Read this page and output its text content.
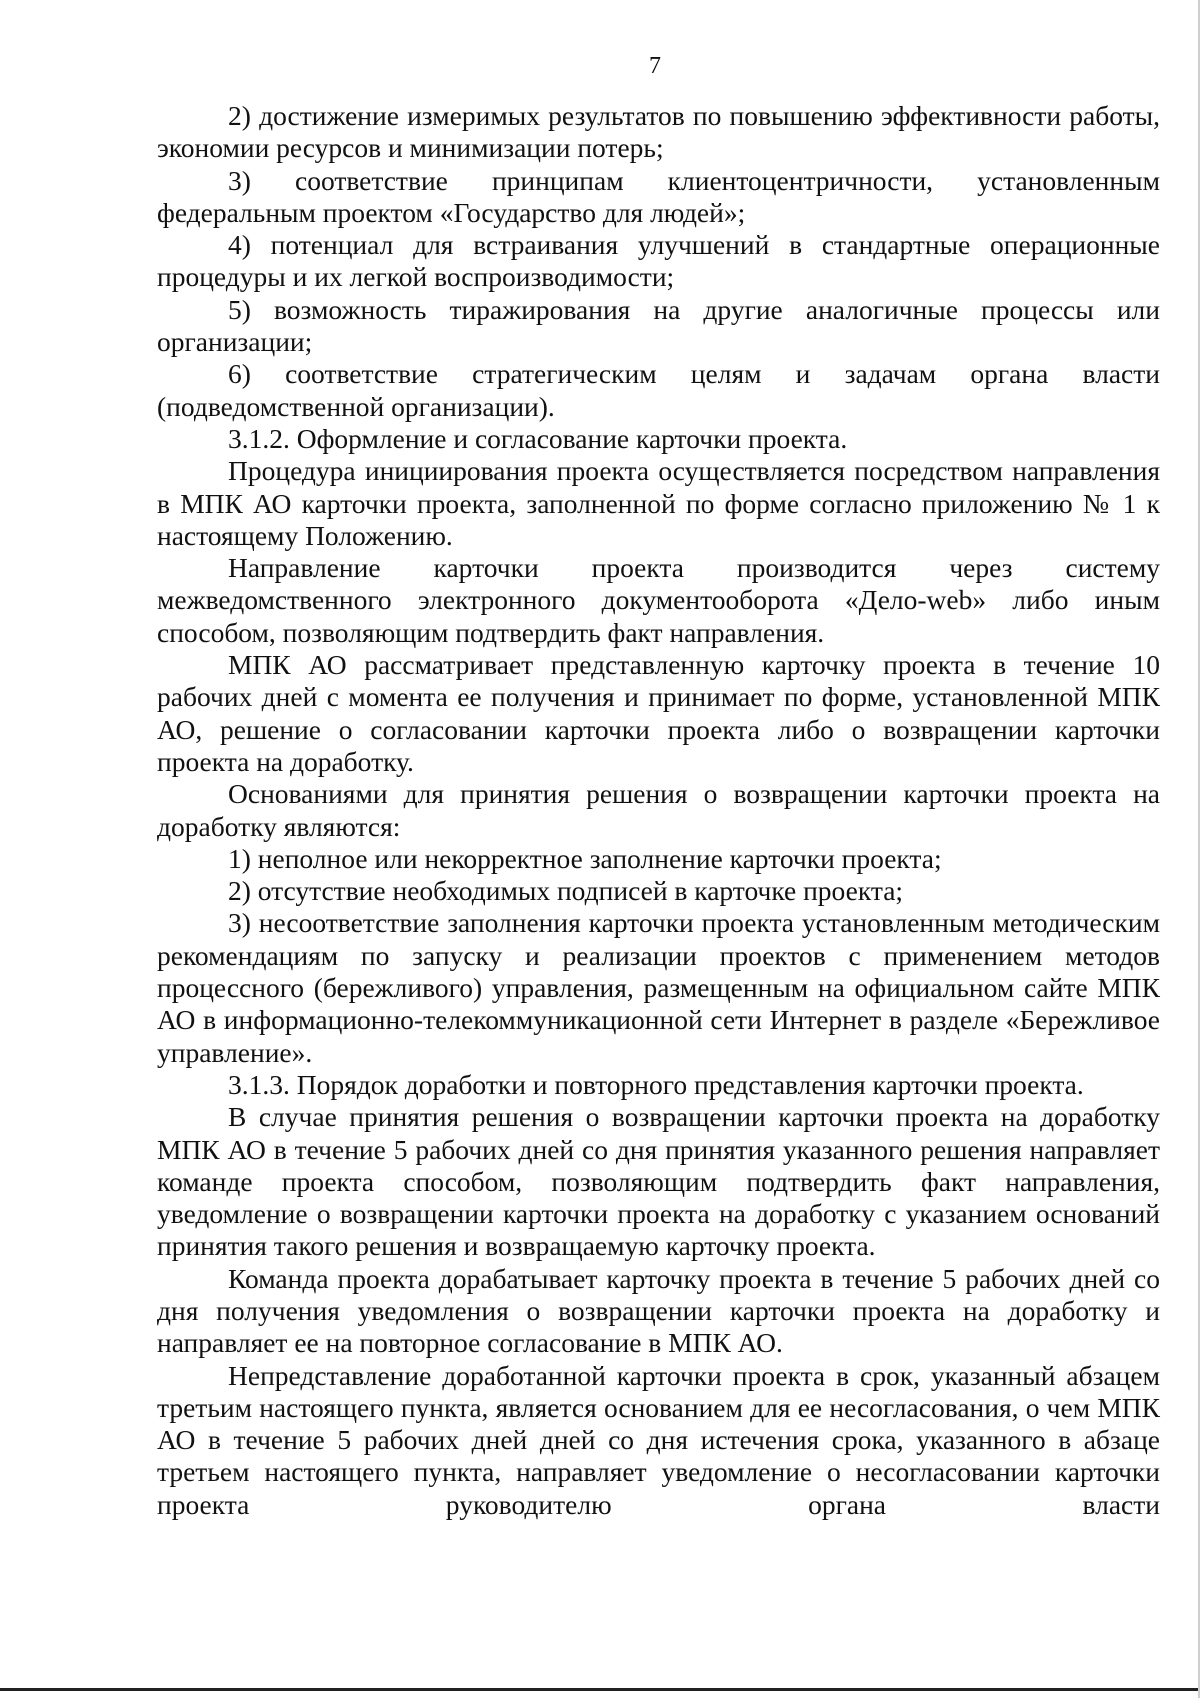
7

2) достижение измеримых результатов по повышению эффективности работы, экономии ресурсов и минимизации потерь;

3) соответствие принципам клиентоцентричности, установленным федеральным проектом «Государство для людей»;

4) потенциал для встраивания улучшений в стандартные операционные процедуры и их легкой воспроизводимости;

5) возможность тиражирования на другие аналогичные процессы или организации;

6) соответствие стратегическим целям и задачам органа власти (подведомственной организации).

3.1.2. Оформление и согласование карточки проекта.

Процедура инициирования проекта осуществляется посредством направления в МПК АО карточки проекта, заполненной по форме согласно приложению № 1 к настоящему Положению.

Направление карточки проекта производится через систему межведомственного электронного документооборота «Дело-web» либо иным способом, позволяющим подтвердить факт направления.

МПК АО рассматривает представленную карточку проекта в течение 10 рабочих дней с момента ее получения и принимает по форме, установленной МПК АО, решение о согласовании карточки проекта либо о возвращении карточки проекта на доработку.

Основаниями для принятия решения о возвращении карточки проекта на доработку являются:

1) неполное или некорректное заполнение карточки проекта;

2) отсутствие необходимых подписей в карточке проекта;

3) несоответствие заполнения карточки проекта установленным методическим рекомендациям по запуску и реализации проектов с применением методов процессного (бережливого) управления, размещенным на официальном сайте МПК АО в информационно-телекоммуникационной сети Интернет в разделе «Бережливое управление».

3.1.3. Порядок доработки и повторного представления карточки проекта.

В случае принятия решения о возвращении карточки проекта на доработку МПК АО в течение 5 рабочих дней со дня принятия указанного решения направляет команде проекта способом, позволяющим подтвердить факт направления, уведомление о возвращении карточки проекта на доработку с указанием оснований принятия такого решения и возвращаемую карточку проекта.

Команда проекта дорабатывает карточку проекта в течение 5 рабочих дней со дня получения уведомления о возвращении карточки проекта на доработку и направляет ее на повторное согласование в МПК АО.

Непредставление доработанной карточки проекта в срок, указанный абзацем третьим настоящего пункта, является основанием для ее несогласования, о чем МПК АО в течение 5 рабочих дней дней со дня истечения срока, указанного в абзаце третьем настоящего пункта, направляет уведомление о несогласовании карточки проекта руководителю органа власти
